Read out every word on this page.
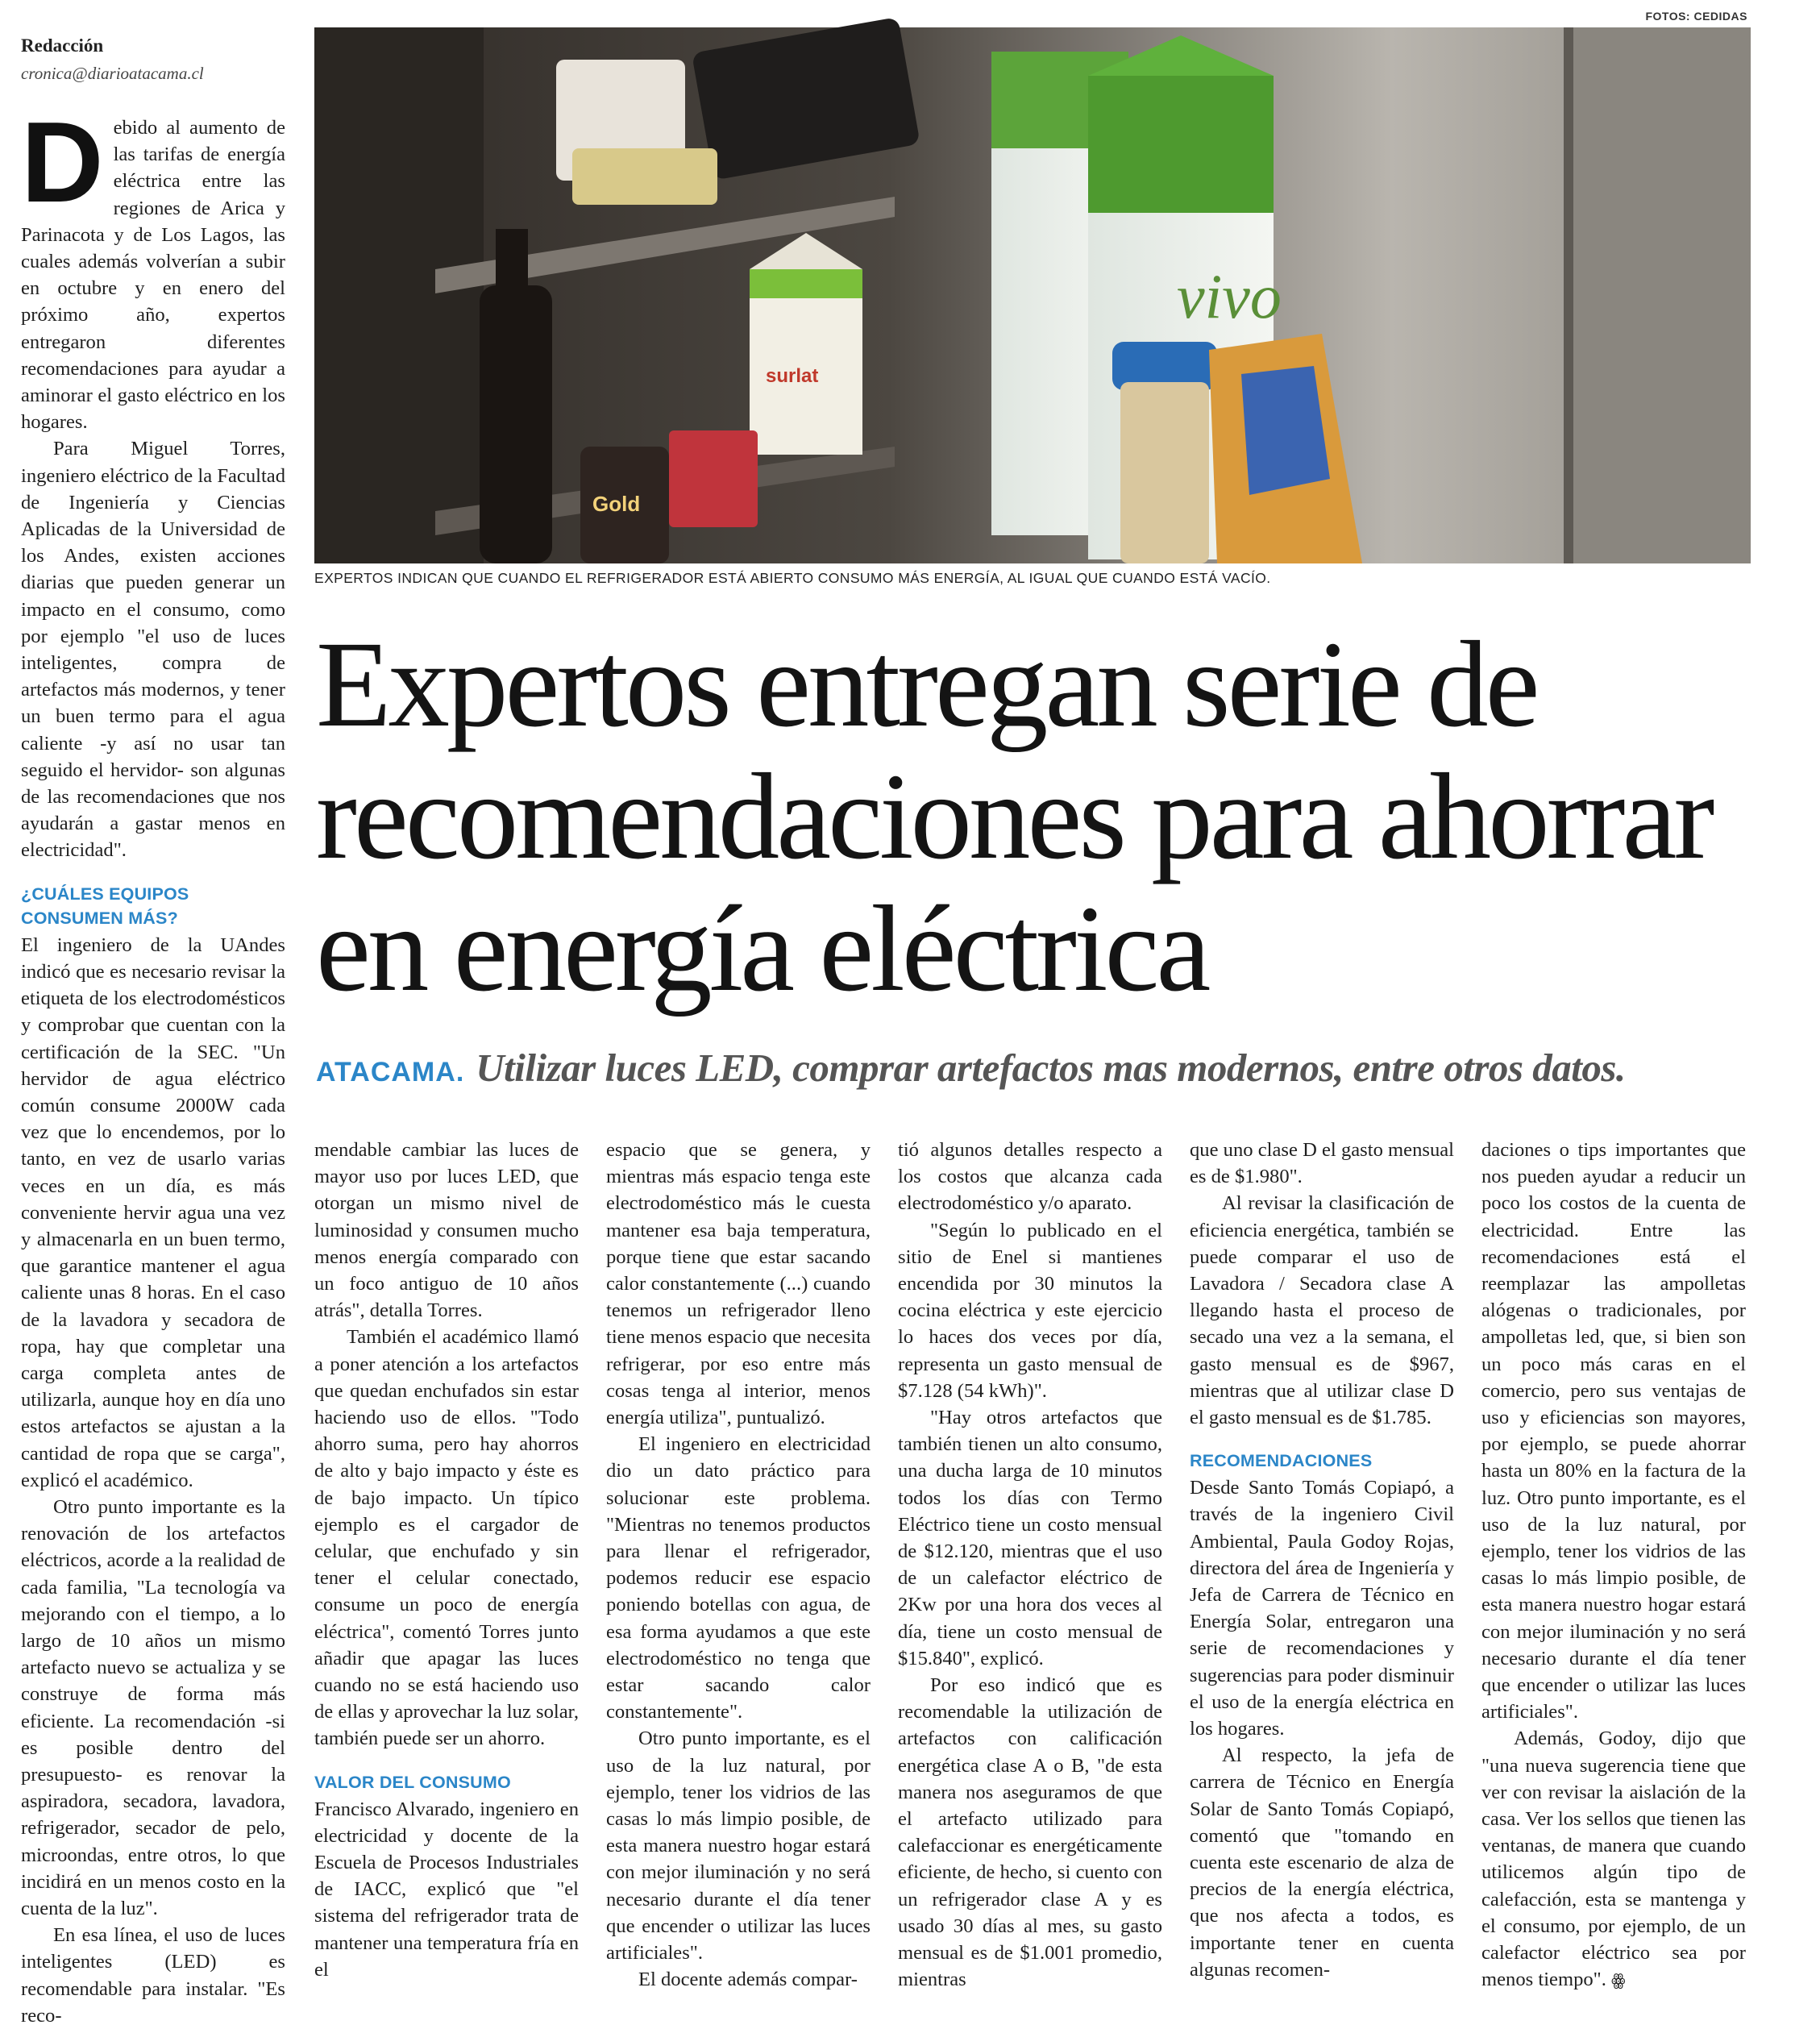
Redacción
cronica@diarioatacama.cl
FOTOS: CEDIDAS
surlat
Gold
vivo
EXPERTOS INDICAN QUE CUANDO EL REFRIGERADOR ESTÁ ABIERTO CONSUMO MÁS ENERGÍA, AL IGUAL QUE CUANDO ESTÁ VACÍO.
Expertos entregan serie de recomendaciones para ahorrar en energía eléctrica
ATACAMA. Utilizar luces LED, comprar artefactos mas modernos, entre otros datos.

Debido al aumento de las tarifas de energía eléctrica entre las regiones de Arica y Parinacota y de Los Lagos, las cuales además volverían a subir en octubre y en enero del próximo año, expertos entregaron diferentes recomendaciones para ayudar a aminorar el gasto eléctrico en los hogares.

Para Miguel Torres, ingeniero eléctrico de la Facultad de Ingeniería y Ciencias Aplicadas de la Universidad de los Andes, existen acciones diarias que pueden generar un impacto en el consumo, como por ejemplo "el uso de luces inteligentes, compra de artefactos más modernos, y tener un buen termo para el agua caliente -y así no usar tan seguido el hervidor- son algunas de las recomendaciones que nos ayudarán a gastar menos en electricidad".

¿CUÁLES EQUIPOS CONSUMEN MÁS?

El ingeniero de la UAndes indicó que es necesario revisar la etiqueta de los electrodomésticos y comprobar que cuentan con la certificación de la SEC. "Un hervidor de agua eléctrico común consume 2000W cada vez que lo encendemos, por lo tanto, en vez de usarlo varias veces en un día, es más conveniente hervir agua una vez y almacenarla en un buen termo, que garantice mantener el agua caliente unas 8 horas. En el caso de la lavadora y secadora de ropa, hay que completar una carga completa antes de utilizarla, aunque hoy en día uno estos artefactos se ajustan a la cantidad de ropa que se carga", explicó el académico.

Otro punto importante es la renovación de los artefactos eléctricos, acorde a la realidad de cada familia, "La tecnología va mejorando con el tiempo, a lo largo de 10 años un mismo artefacto nuevo se actualiza y se construye de forma más eficiente. La recomendación -si es posible dentro del presupuesto- es renovar la aspiradora, secadora, lavadora, refrigerador, secador de pelo, microondas, entre otros, lo que incidirá en un menos costo en la cuenta de la luz".

En esa línea, el uso de luces inteligentes (LED) es recomendable para instalar. "Es reco-

mendable cambiar las luces de mayor uso por luces LED, que otorgan un mismo nivel de luminosidad y consumen mucho menos energía comparado con un foco antiguo de 10 años atrás", detalla Torres.

También el académico llamó a poner atención a los artefactos que quedan enchufados sin estar haciendo uso de ellos. "Todo ahorro suma, pero hay ahorros de alto y bajo impacto y éste es de bajo impacto. Un típico ejemplo es el cargador de celular, que enchufado y sin tener el celular conectado, consume un poco de energía eléctrica", comentó Torres junto añadir que apagar las luces cuando no se está haciendo uso de ellas y aprovechar la luz solar, también puede ser un ahorro.

VALOR DEL CONSUMO

Francisco Alvarado, ingeniero en electricidad y docente de la Escuela de Procesos Industriales de IACC, explicó que "el sistema del refrigerador trata de mantener una temperatura fría en el

espacio que se genera, y mientras más espacio tenga este electrodoméstico más le cuesta mantener esa baja temperatura, porque tiene que estar sacando calor constantemente (...) cuando tenemos un refrigerador lleno tiene menos espacio que necesita refrigerar, por eso entre más cosas tenga al interior, menos energía utiliza", puntualizó.

El ingeniero en electricidad dio un dato práctico para solucionar este problema. "Mientras no tenemos productos para llenar el refrigerador, podemos reducir ese espacio poniendo botellas con agua, de esa forma ayudamos a que este electrodoméstico no tenga que estar sacando calor constantemente".

Otro punto importante, es el uso de la luz natural, por ejemplo, tener los vidrios de las casas lo más limpio posible, de esta manera nuestro hogar estará con mejor iluminación y no será necesario durante el día tener que encender o utilizar las luces artificiales".

El docente además compar-

tió algunos detalles respecto a los costos que alcanza cada electrodoméstico y/o aparato.

"Según lo publicado en el sitio de Enel si mantienes encendida por 30 minutos la cocina eléctrica y este ejercicio lo haces dos veces por día, representa un gasto mensual de $7.128 (54 kWh)".

"Hay otros artefactos que también tienen un alto consumo, una ducha larga de 10 minutos todos los días con Termo Eléctrico tiene un costo mensual de $12.120, mientras que el uso de un calefactor eléctrico de 2Kw por una hora dos veces al día, tiene un costo mensual de $15.840", explicó.

Por eso indicó que es recomendable la utilización de artefactos con calificación energética clase A o B, "de esta manera nos aseguramos de que el artefacto utilizado para calefaccionar es energéticamente eficiente, de hecho, si cuento con un refrigerador clase A y es usado 30 días al mes, su gasto mensual es de $1.001 promedio, mientras

que uno clase D el gasto mensual es de $1.980".

Al revisar la clasificación de eficiencia energética, también se puede comparar el uso de Lavadora / Secadora clase A llegando hasta el proceso de secado una vez a la semana, el gasto mensual es de $967, mientras que al utilizar clase D el gasto mensual es de $1.785.

RECOMENDACIONES

Desde Santo Tomás Copiapó, a través de la ingeniero Civil Ambiental, Paula Godoy Rojas, directora del área de Ingeniería y Jefa de Carrera de Técnico en Energía Solar, entregaron una serie de recomendaciones y sugerencias para poder disminuir el uso de la energía eléctrica en los hogares.

Al respecto, la jefa de carrera de Técnico en Energía Solar de Santo Tomás Copiapó, comentó que "tomando en cuenta este escenario de alza de precios de la energía eléctrica, que nos afecta a todos, es importante tener en cuenta algunas recomen-

daciones o tips importantes que nos pueden ayudar a reducir un poco los costos de la cuenta de electricidad. Entre las recomendaciones está el reemplazar las ampolletas alógenas o tradicionales, por ampolletas led, que, si bien son un poco más caras en el comercio, pero sus ventajas de uso y eficiencias son mayores, por ejemplo, se puede ahorrar hasta un 80% en la factura de la luz. Otro punto importante, es el uso de la luz natural, por ejemplo, tener los vidrios de las casas lo más limpio posible, de esta manera nuestro hogar estará con mejor iluminación y no será necesario durante el día tener que encender o utilizar las luces artificiales".

Además, Godoy, dijo que "una nueva sugerencia tiene que ver con revisar la aislación de la casa. Ver los sellos que tienen las ventanas, de manera que cuando utilicemos algún tipo de calefacción, esta se mantenga y el consumo, por ejemplo, de un calefactor eléctrico sea por menos tiempo". ꙮ
